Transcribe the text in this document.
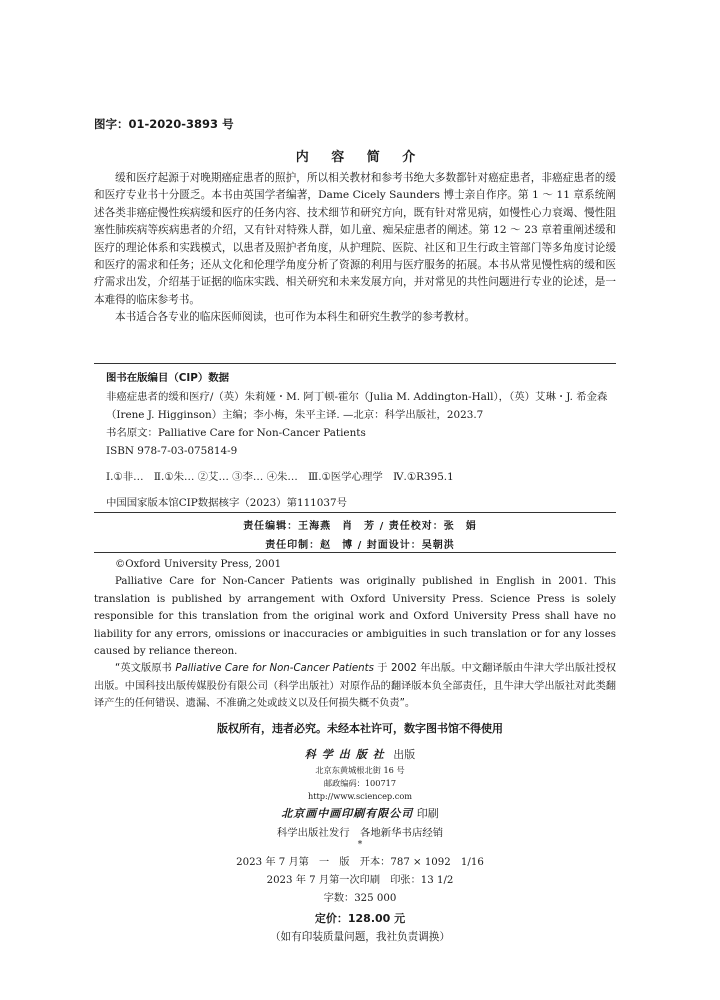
图字：01-2020-3893 号
内 容 简 介

缓和医疗起源于对晚期癌症患者的照护，所以相关教材和参考书绝大多数都针对癌症患者，非癌症患者的缓和医疗专业书十分匮乏。本书由英国学者编著，Dame Cicely Saunders 博士亲自作序。第 1 ～ 11 章系统阐述各类非癌症慢性疾病缓和医疗的任务内容、技术细节和研究方向，既有针对常见病，如慢性心力衰竭、慢性阻塞性肺疾病等疾病患者的介绍，又有针对特殊人群，如儿童、痴呆症患者的阐述。第 12 ～ 23 章着重阐述缓和医疗的理论体系和实践模式，以患者及照护者角度，从护理院、医院、社区和卫生行政主管部门等多角度讨论缓和医疗的需求和任务；还从文化和伦理学角度分析了资源的利用与医疗服务的拓展。本书从常见慢性病的缓和医疗需求出发，介绍基于证据的临床实践、相关研究和未来发展方向，并对常见的共性问题进行专业的论述，是一本难得的临床参考书。

本书适合各专业的临床医师阅读，也可作为本科生和研究生教学的参考教材。

图书在版编目（CIP）数据
非癌症患者的缓和医疗/（英）朱莉娅・M. 阿丁顿-霍尔（Julia M. Addington-Hall），（英）艾琳・J. 希金森（Irene J. Higginson）主编；李小梅，朱平主译. —北京：科学出版社，2023.7
书名原文：Palliative Care for Non-Cancer Patients
ISBN 978-7-03-075814-9
Ⅰ.①非…　Ⅱ.①朱… ②艾… ③李… ④朱…　Ⅲ.①医学心理学　Ⅳ.①R395.1
中国国家版本馆CIP数据核字（2023）第111037号
责任编辑：王海燕　肖　芳 / 责任校对：张　娟
责任印制：赵　博 / 封面设计：吴朝洪

©Oxford University Press, 2001

Palliative Care for Non-Cancer Patients was originally published in English in 2001. This translation is published by arrangement with Oxford University Press. Science Press is solely responsible for this translation from the original work and Oxford University Press shall have no liability for any errors, omissions or inaccuracies or ambiguities in such translation or for any losses caused by reliance thereon.

“英文版原书 Palliative Care for Non-Cancer Patients 于 2002 年出版。中文翻译版由牛津大学出版社授权出版。中国科技出版传媒股份有限公司（科学出版社）对原作品的翻译版本负全部责任，且牛津大学出版社对此类翻译产生的任何错误、遗漏、不准确之处或歧义以及任何损失概不负责”。

版权所有，违者必究。未经本社许可，数字图书馆不得使用
科学出版社 出版
北京东黄城根北街 16 号
邮政编码：100717
http://www.sciencep.com
北京画中画印刷有限公司 印刷
科学出版社发行　各地新华书店经销
*
2023 年 7 月第　一　版　开本：787 × 1092　1/16
2023 年 7 月第一次印刷　印张：13 1/2
字数：325 000
定价：128.00 元
（如有印装质量问题，我社负责调换）
